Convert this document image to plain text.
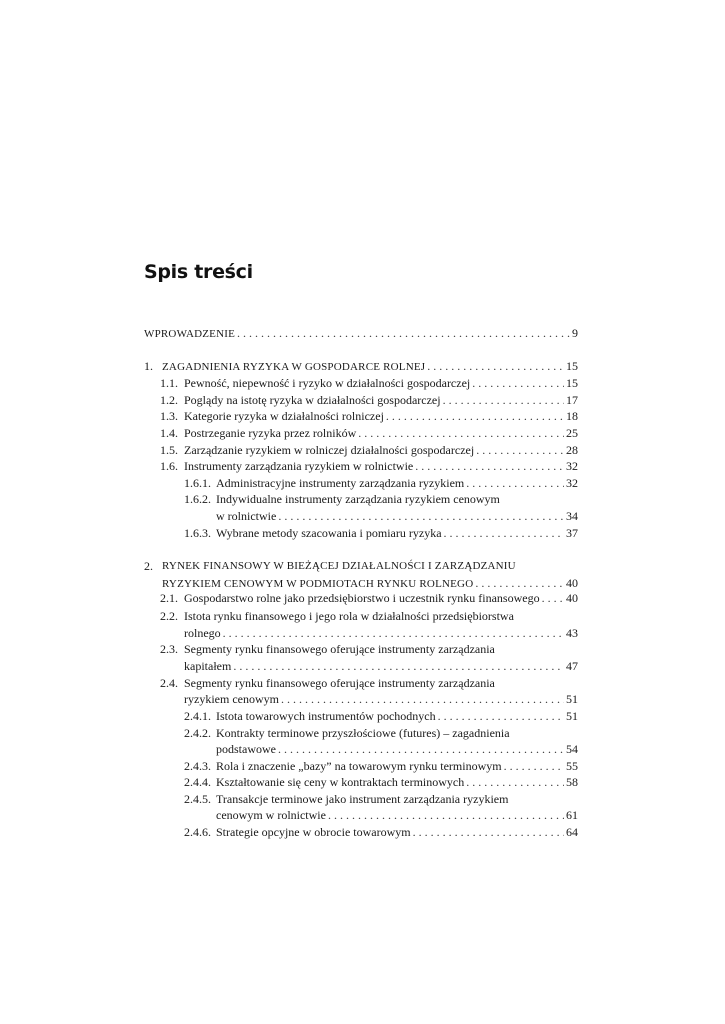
Spis treści
WPROWADZENIE . . .	9
1. ZAGADNIENIA RYZYKA W GOSPODARCE ROLNEJ . . .	15
1.1. Pewność, niepewność i ryzyko w działalności gospodarczej . . .	15
1.2. Poglądy na istotę ryzyka w działalności gospodarczej . . .	17
1.3. Kategorie ryzyka w działalności rolniczej . . .	18
1.4. Postrzeganie ryzyka przez rolników . . .	25
1.5. Zarządzanie ryzykiem w rolniczej działalności gospodarczej . . .	28
1.6. Instrumenty zarządzania ryzykiem w rolnictwie . . .	32
1.6.1. Administracyjne instrumenty zarządzania ryzykiem . . .	32
1.6.2. Indywidualne instrumenty zarządzania ryzykiem cenowym
w rolnictwie . . .	34
1.6.3. Wybrane metody szacowania i pomiaru ryzyka . . .	37
2. RYNEK FINANSOWY W BIEŻĄCEJ DZIAŁALNOŚCI I ZARZĄDZANIU
RYZYKIEM CENOWYM W PODMIOTACH RYNKU ROLNEGO . . .	40
2.1. Gospodarstwo rolne jako przedsiębiorstwo i uczestnik rynku finansowego . . . 40
2.2. Istota rynku finansowego i jego rola w działalności przedsiębiorstwa
rolnego . . .	43
2.3. Segmenty rynku finansowego oferujące instrumenty zarządzania
kapitałem . . .	47
2.4. Segmenty rynku finansowego oferujące instrumenty zarządzania
ryzykiem cenowym . . .	51
2.4.1. Istota towarowych instrumentów pochodnych . . .	51
2.4.2. Kontrakty terminowe przyszłościowe (futures) – zagadnienia
podstawowe . . .	54
2.4.3. Rola i znaczenie „bazy” na towarowym rynku terminowym . . .	55
2.4.4. Kształtowanie się ceny w kontraktach terminowych . . .	58
2.4.5. Transakcje terminowe jako instrument zarządzania ryzykiem
cenowym w rolnictwie . . .	61
2.4.6. Strategie opcyjne w obrocie towarowym . . .	64
